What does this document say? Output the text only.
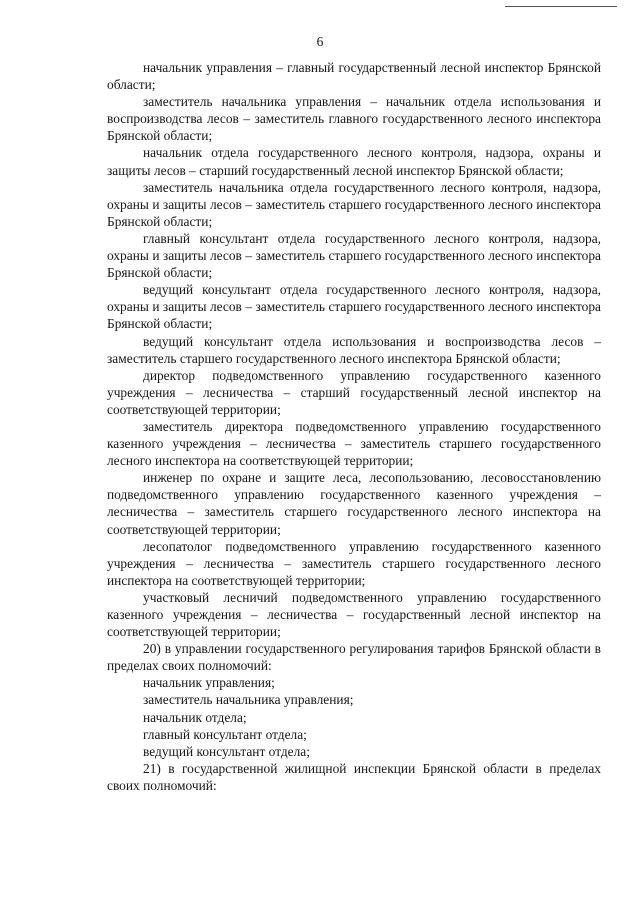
6

начальник управления – главный государственный лесной инспектор Брянской области;

заместитель начальника управления – начальник отдела использования и воспроизводства лесов – заместитель главного государственного лесного инспектора Брянской области;

начальник отдела государственного лесного контроля, надзора, охраны и защиты лесов – старший государственный лесной инспектор Брянской области;

заместитель начальника отдела государственного лесного контроля, надзора, охраны и защиты лесов – заместитель старшего государственного лесного инспектора Брянской области;

главный консультант отдела государственного лесного контроля, надзора, охраны и защиты лесов – заместитель старшего государственного лесного инспектора Брянской области;

ведущий консультант отдела государственного лесного контроля, надзора, охраны и защиты лесов – заместитель старшего государственного лесного инспектора Брянской области;

ведущий консультант отдела использования и воспроизводства лесов – заместитель старшего государственного лесного инспектора Брянской области;

директор подведомственного управлению государственного казенного учреждения – лесничества – старший государственный лесной инспектор на соответствующей территории;

заместитель директора подведомственного управлению государственного казенного учреждения – лесничества – заместитель старшего государственного лесного инспектора на соответствующей территории;

инженер по охране и защите леса, лесопользованию, лесовосстановлению подведомственного управлению государственного казенного учреждения – лесничества – заместитель старшего государственного лесного инспектора на соответствующей территории;

лесопатолог подведомственного управлению государственного казенного учреждения – лесничества – заместитель старшего государственного лесного инспектора на соответствующей территории;

участковый лесничий подведомственного управлению государственного казенного учреждения – лесничества – государственный лесной инспектор на соответствующей территории;

20) в управлении государственного регулирования тарифов Брянской области в пределах своих полномочий:

начальник управления;

заместитель начальника управления;

начальник отдела;

главный консультант отдела;

ведущий консультант отдела;

21) в государственной жилищной инспекции Брянской области в пределах своих полномочий:
